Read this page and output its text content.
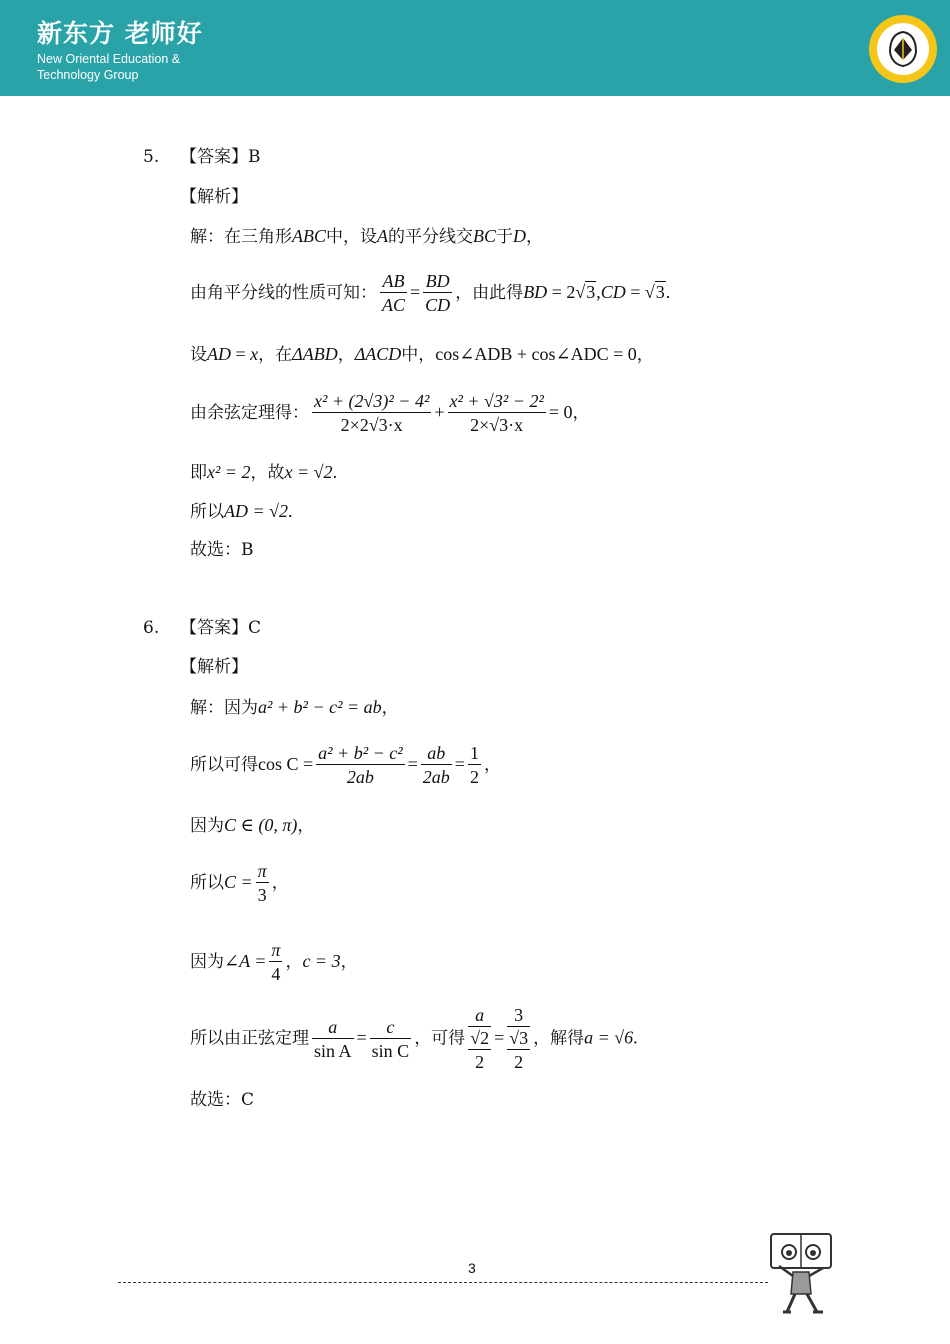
新东方 老师好
New Oriental Education &
Technology Group
5. 【答案】B
【解析】
解：在三角形ABC中，设A的平分线交BC于D，
由角平分线的性质可知： $\frac{AB}{AC} = \frac{BD}{CD}$ ，由此得BD = 2√3,CD = √3.
设AD = x，在ΔABD，ΔACD中，cos∠ADB + cos∠ADC = 0，
由余弦定理得： $\frac{\text{x² + (2√3)² − 4²}}{2\times 2√3\cdot x} + \frac{\text{x² + √3² − 2²}}{2\times√3\cdot x} = 0$，
即x² = 2，故x = √2.
所以AD = √2.
故选：B
6. 【答案】C
【解析】
解：因为a² + b² − c² = ab，
所以可得$\cos C = \frac{\text{a² + b² − c²}}{2ab} = \frac{ab}{2ab} = \frac{1}{2}$ ，
因为C ∈ (0, π)，
所以$C = \frac{\pi}{3}$ ，
因为∠A = $\frac{\pi}{4}$ ，c = 3，
所以由正弦定理 $\frac{a}{\text{sin A}} = \frac{c}{\text{sin C}}$ ，可得
a
√2
2
=
3
√3
2
，解得a = √6.
故选：C
3
